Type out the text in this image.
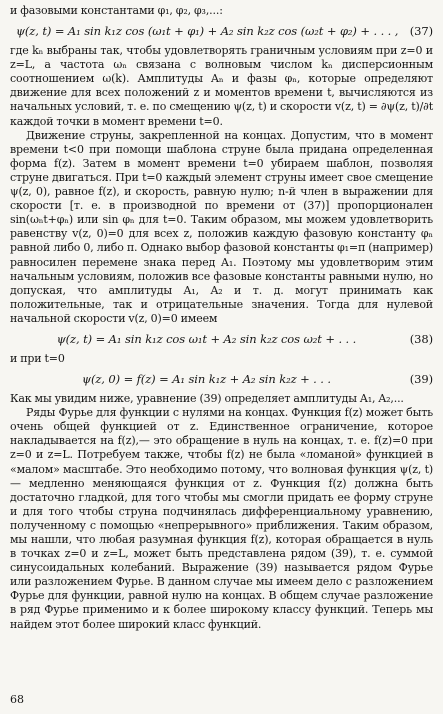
и фазовыми константами φ₁, φ₂, φ₃,...:

ψ(z, t) = A₁ sin k₁z cos (ω₁t + φ₁) + A₂ sin k₂z cos (ω₂t + φ₂) + . . . , (37)

где kₙ выбраны так, чтобы удовлетворять граничным условиям при z=0 и z=L, а частота ωₙ связана с волновым числом kₙ дисперсионным соотношением ω(k). Амплитуды Aₙ и фазы φₙ, которые определяют движение для всех положений z и моментов времени t, вычисляются из начальных условий, т. е. по смещению ψ(z, t) и скорости v(z, t) = ∂ψ(z, t)/∂t каждой точки в момент времени t=0.

Движение струны, закрепленной на концах. Допустим, что в момент времени t<0 при помощи шаблона струне была придана определенная форма f(z). Затем в момент времени t=0 убираем шаблон, позволяя струне двигаться. При t=0 каждый элемент струны имеет свое смещение ψ(z, 0), равное f(z), и скорость, равную нулю; n-й член в выражении для скорости [т. е. в производной по времени от (37)] пропорционален sin(ωₙt+φₙ) или sin φₙ для t=0. Таким образом, мы можем удовлетворить равенству v(z, 0)=0 для всех z, положив каждую фазовую константу φₙ равной либо 0, либо π. Однако выбор фазовой константы φ₁=π (например) равносилен перемене знака перед A₁. Поэтому мы удовлетворим этим начальным условиям, положив все фазовые константы равными нулю, но допуская, что амплитуды A₁, A₂ и т. д. могут принимать как положительные, так и отрицательные значения. Тогда для нулевой начальной скорости v(z, 0)=0 имеем

ψ(z, t) = A₁ sin k₁z cos ω₁t + A₂ sin k₂z cos ω₂t + . . .	(38)

и при t=0

ψ(z, 0) = f(z) = A₁ sin k₁z + A₂ sin k₂z + . . .	(39)

Как мы увидим ниже, уравнение (39) определяет амплитуды A₁, A₂,...

Ряды Фурье для функции с нулями на концах. Функция f(z) может быть очень общей функцией от z. Единственное ограничение, которое накладывается на f(z),— это обращение в нуль на концах, т. е. f(z)=0 при z=0 и z=L. Потребуем также, чтобы f(z) не была «ломаной» функцией в «малом» масштабе. Это необходимо потому, что волновая функция ψ(z, t) — медленно меняющаяся функция от z. Функция f(z) должна быть достаточно гладкой, для того чтобы мы смогли придать ее форму струне и для того чтобы струна подчинялась дифференциальному уравнению, полученному с помощью «непрерывного» приближения. Таким образом, мы нашли, что любая разумная функция f(z), которая обращается в нуль в точках z=0 и z=L, может быть представлена рядом (39), т. е. суммой синусоидальных колебаний. Выражение (39) называется рядом Фурье или разложением Фурье. В данном случае мы имеем дело с разложением Фурье для функции, равной нулю на концах. В общем случае разложение в ряд Фурье применимо и к более широкому классу функций. Теперь мы найдем этот более широкий класс функций.

68
